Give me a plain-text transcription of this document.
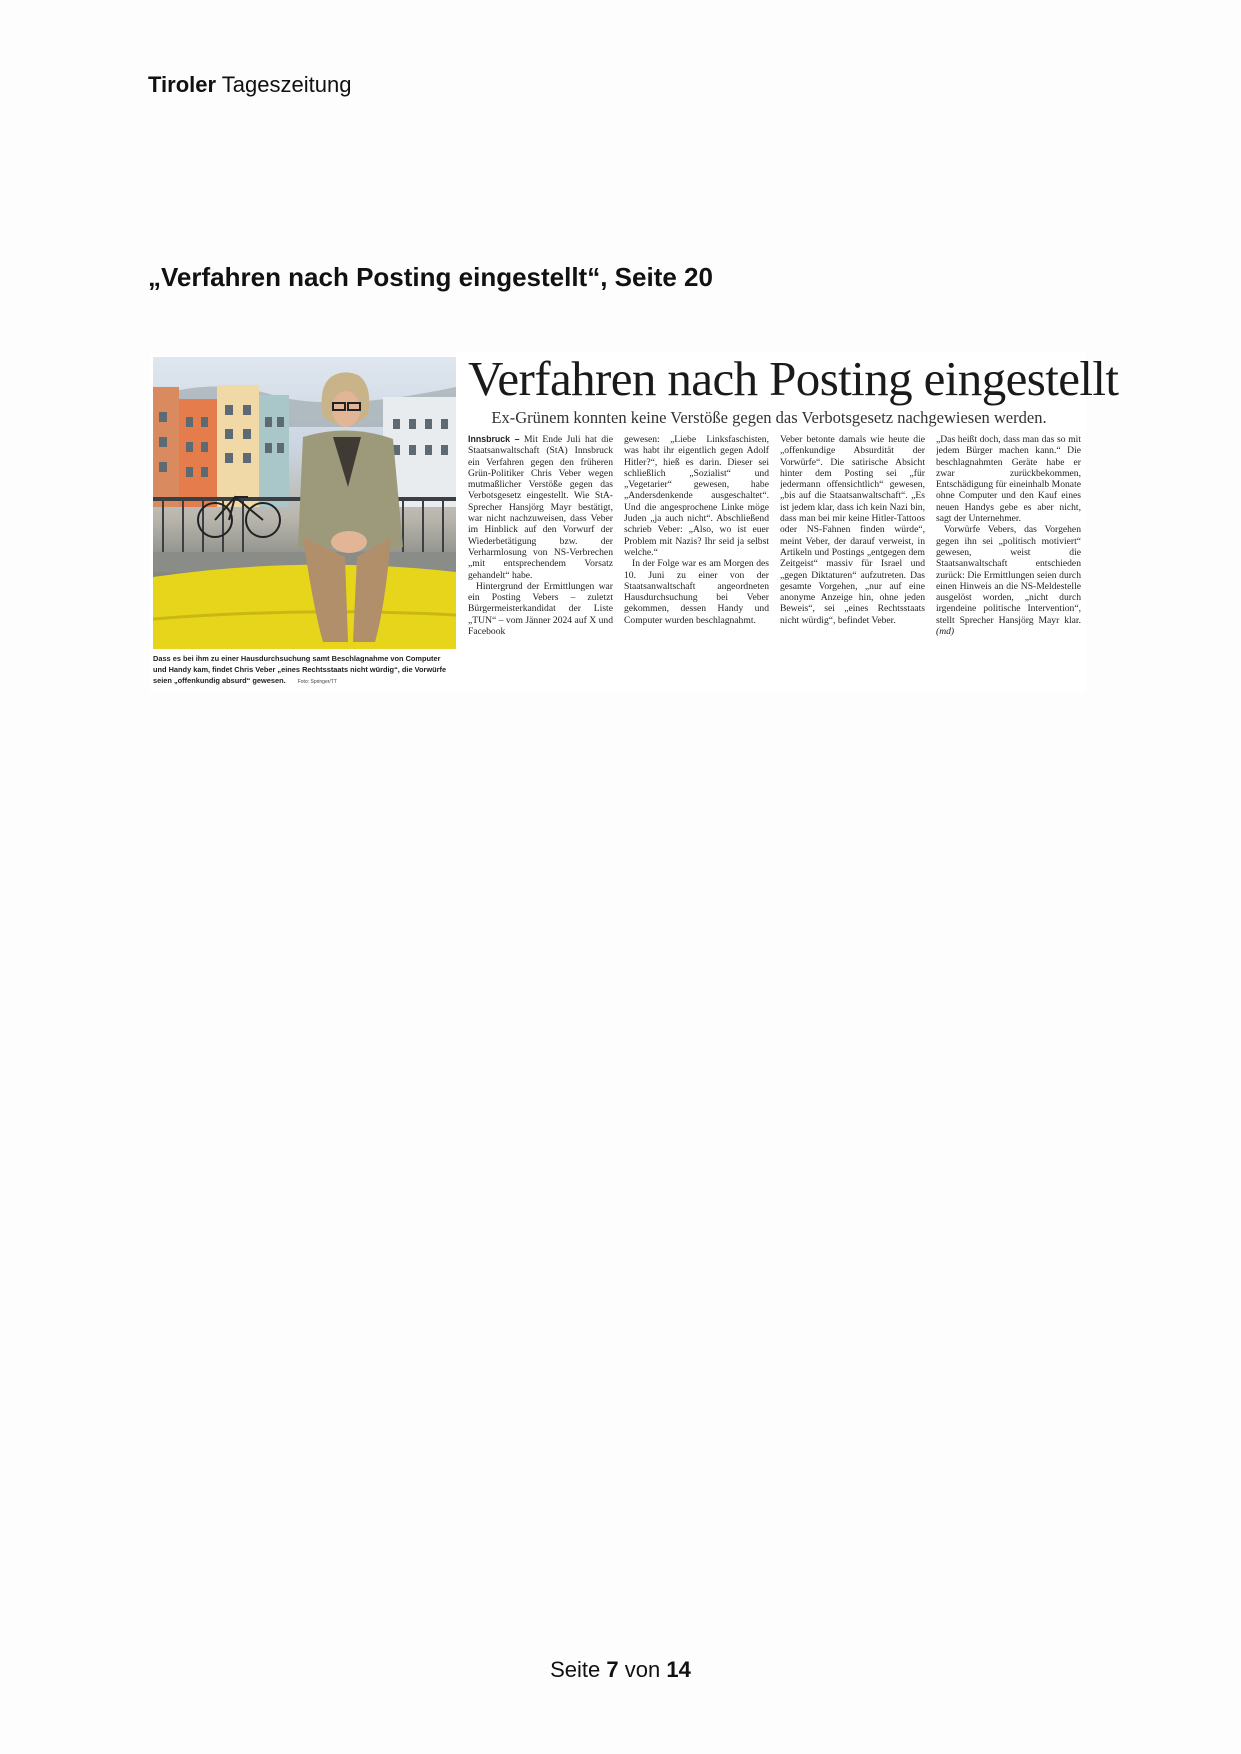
Tiroler Tageszeitung
„Verfahren nach Posting eingestellt“, Seite 20
Dass es bei ihm zu einer Hausdurchsuchung samt Beschlagnahme von Computer und Handy kam, findet Chris Veber „eines Rechtsstaats nicht würdig“, die Vorwürfe seien „offenkundig absurd“ gewesen. Foto: Springer/TT
Verfahren nach Posting eingestellt
Ex-Grünem konnten keine Verstöße gegen das Verbotsgesetz nachgewiesen werden.

Innsbruck – Mit Ende Juli hat die Staatsanwaltschaft (StA) Innsbruck ein Verfahren gegen den früheren Grün-Politiker Chris Veber wegen mutmaßlicher Verstöße gegen das Verbotsgesetz eingestellt. Wie StA-Sprecher Hansjörg Mayr bestätigt, war nicht nachzuweisen, dass Veber im Hinblick auf den Vorwurf der Wiederbetätigung bzw. der Verharmlosung von NS-Verbrechen „mit entsprechendem Vorsatz gehandelt“ habe.

Hintergrund der Ermittlungen war ein Posting Vebers – zuletzt Bürgermeisterkandidat der Liste „TUN“ – vom Jänner 2024 auf X und Facebook

gewesen: „Liebe Linksfaschisten, was habt ihr eigentlich gegen Adolf Hitler?“, hieß es darin. Dieser sei schließlich „Sozialist“ und „Vegetarier“ gewesen, habe „Andersdenkende ausgeschaltet“. Und die angesprochene Linke möge Juden „ja auch nicht“. Abschließend schrieb Veber: „Also, wo ist euer Problem mit Nazis? Ihr seid ja selbst welche.“

In der Folge war es am Morgen des 10. Juni zu einer von der Staatsanwaltschaft angeordneten Hausdurchsuchung bei Veber gekommen, dessen Handy und Computer wurden beschlagnahmt.

Veber betonte damals wie heute die „offenkundige Absurdität der Vorwürfe“. Die satirische Absicht hinter dem Posting sei „für jedermann offensichtlich“ gewesen, „bis auf die Staatsanwaltschaft“. „Es ist jedem klar, dass ich kein Nazi bin, dass man bei mir keine Hitler-Tattoos oder NS-Fahnen finden würde“, meint Veber, der darauf verweist, in Artikeln und Postings „entgegen dem Zeitgeist“ massiv für Israel und „gegen Diktaturen“ aufzutreten. Das gesamte Vorgehen, „nur auf eine anonyme Anzeige hin, ohne jeden Beweis“, sei „eines Rechtsstaats nicht würdig“, befindet Veber.

„Das heißt doch, dass man das so mit jedem Bürger machen kann.“ Die beschlagnahmten Geräte habe er zwar zurückbekommen, Entschädigung für eineinhalb Monate ohne Computer und den Kauf eines neuen Handys gebe es aber nicht, sagt der Unternehmer.

Vorwürfe Vebers, das Vorgehen gegen ihn sei „politisch motiviert“ gewesen, weist die Staatsanwaltschaft entschieden zurück: Die Ermittlungen seien durch einen Hinweis an die NS-Meldestelle ausgelöst worden, „nicht durch irgendeine politische Intervention“, stellt Sprecher Hansjörg Mayr klar. (md)

Seite 7 von 14
